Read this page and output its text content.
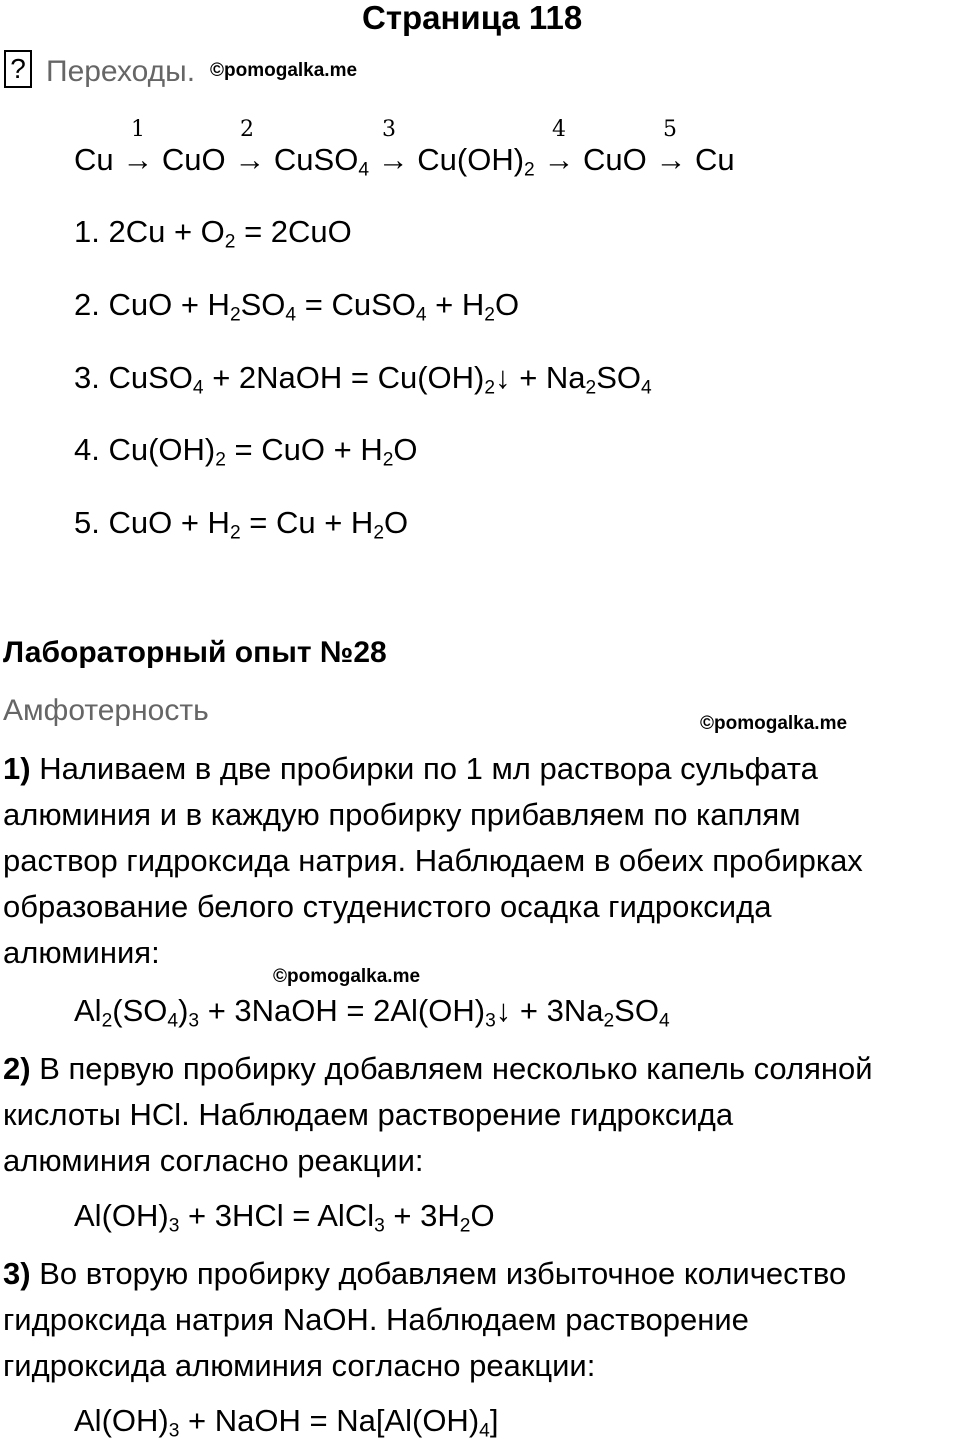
Страница 118
? Переходы. ©pomogalka.me
1	2	3	4	5
Cu → CuO → CuSO$_4$ → $Cu(OH)_2$ → CuO → Cu
1. $2Cu + O_2 = 2CuO$
2. CuO + $H_2SO_4$ = CuSO$_4$ + $H_2O$
3. CuSO$_4$ + 2NaOH = $Cu(OH)_2↓ + Na_2SO_4$
4. $Cu(OH)_2$ = CuO + $H_2O$
5. CuO + $H_2 = Cu + H_2O$
Лабораторный опыт №28
Амфотерность	©pomogalka.me
1) Наливаем в две пробирки по 1 мл раствора сульфата
алюминия и в каждую пробирку прибавляем по каплям
раствор гидроксида натрия. Наблюдаем в обеих пробирках
образование белого студенистого осадка гидроксида
алюминия:
©pomogalka.me
$Al_2(SO_4)_3$ + 3NaOH = $2Al(OH)_3↓ + 3Na_2SO_4$
2) В первую пробирку добавляем несколько капель соляной
кислоты HCl. Наблюдаем растворение гидроксида
алюминия согласно реакции:
$Al(OH)_3 + 3HCl$ = AlCl$_3$ + $3H_2O$
3) Во вторую пробирку добавляем избыточное количество
гидроксида натрия NaOH. Наблюдаем растворение
гидроксида алюминия согласно реакции:
$Al(OH)_3$ + NaOH = $Na[Al(OH)_4]$
